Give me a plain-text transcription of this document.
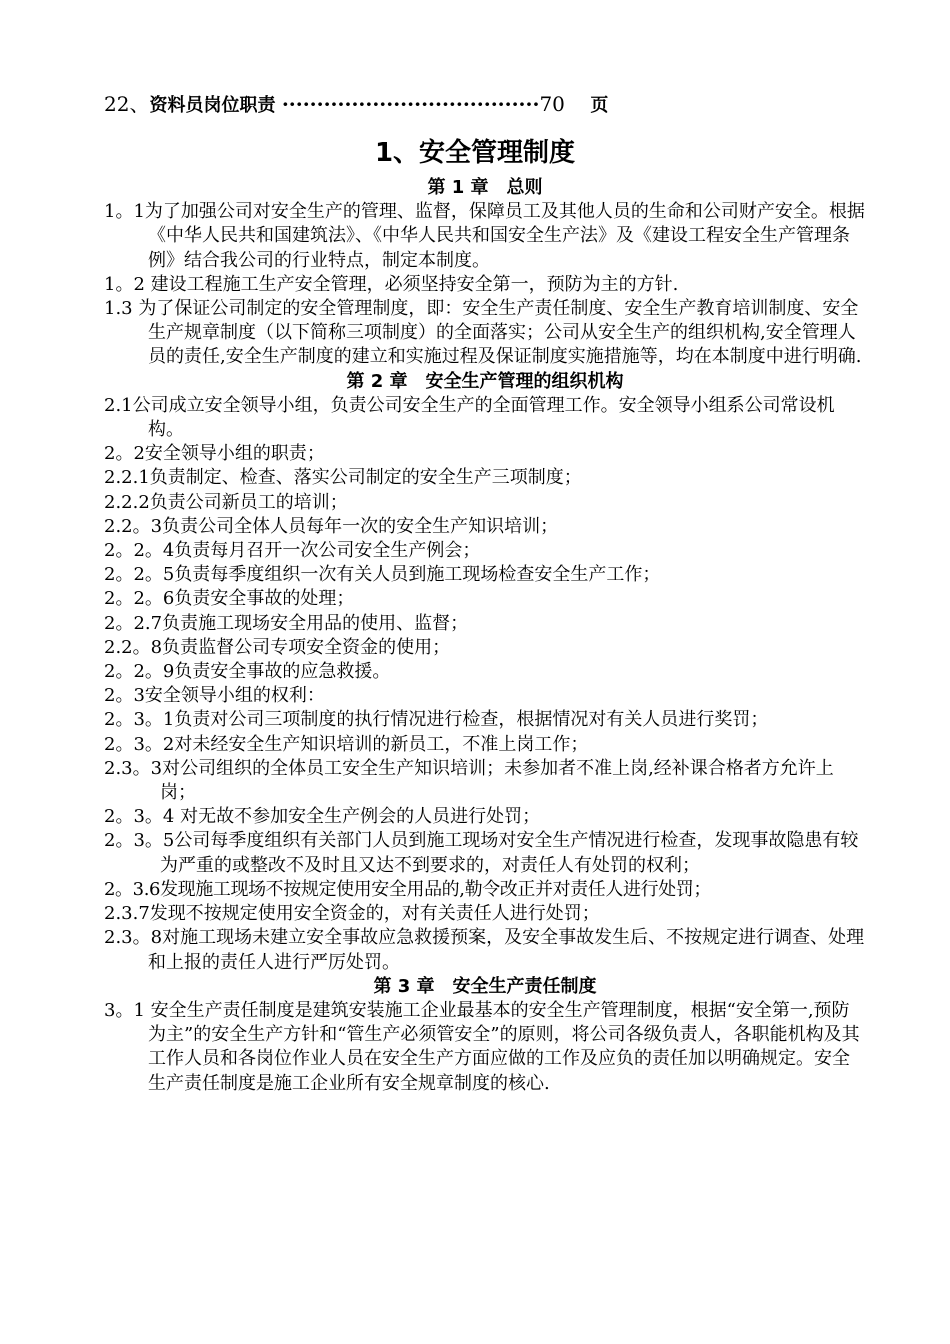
22、资料员岗位职责 ·····································70 页
1、安全管理制度
第 1 章　总则

1。1为了加强公司对安全生产的管理、监督，保障员工及其他人员的生命和公司财产安全。根据《中华人民共和国建筑法》、《中华人民共和国安全生产法》及《建设工程安全生产管理条例》结合我公司的行业特点，制定本制度。

1。2 建设工程施工生产安全管理，必须坚持安全第一，预防为主的方针.

1.3 为了保证公司制定的安全管理制度，即：安全生产责任制度、安全生产教育培训制度、安全生产规章制度（以下简称三项制度）的全面落实；公司从安全生产的组织机构,安全管理人员的责任,安全生产制度的建立和实施过程及保证制度实施措施等，均在本制度中进行明确.

第 2 章　安全生产管理的组织机构

2.1公司成立安全领导小组，负责公司安全生产的全面管理工作。安全领导小组系公司常设机构。

2。2安全领导小组的职责；

2.2.1负责制定、检查、落实公司制定的安全生产三项制度；

2.2.2负责公司新员工的培训；

2.2。3负责公司全体人员每年一次的安全生产知识培训；

2。2。4负责每月召开一次公司安全生产例会；

2。2。5负责每季度组织一次有关人员到施工现场检查安全生产工作；

2。2。6负责安全事故的处理；

2。2.7负责施工现场安全用品的使用、监督；

2.2。8负责监督公司专项安全资金的使用；

2。2。9负责安全事故的应急救援。

2。3安全领导小组的权利：

2。3。1负责对公司三项制度的执行情况进行检查，根据情况对有关人员进行奖罚；

2。3。2对未经安全生产知识培训的新员工，不准上岗工作；

2.3。3对公司组织的全体员工安全生产知识培训；未参加者不准上岗,经补课合格者方允许上岗；

2。3。4 对无故不参加安全生产例会的人员进行处罚；

2。3。5公司每季度组织有关部门人员到施工现场对安全生产情况进行检查，发现事故隐患有较为严重的或整改不及时且又达不到要求的，对责任人有处罚的权利；

2。3.6发现施工现场不按规定使用安全用品的,勒令改正并对责任人进行处罚；

2.3.7发现不按规定使用安全资金的，对有关责任人进行处罚；

2.3。8对施工现场未建立安全事故应急救援预案，及安全事故发生后、不按规定进行调查、处理和上报的责任人进行严厉处罚。

第 3 章　安全生产责任制度

3。1 安全生产责任制度是建筑安装施工企业最基本的安全生产管理制度，根据“安全第一,预防为主”的安全生产方针和“管生产必须管安全”的原则，将公司各级负责人，各职能机构及其工作人员和各岗位作业人员在安全生产方面应做的工作及应负的责任加以明确规定。安全生产责任制度是施工企业所有安全规章制度的核心.
